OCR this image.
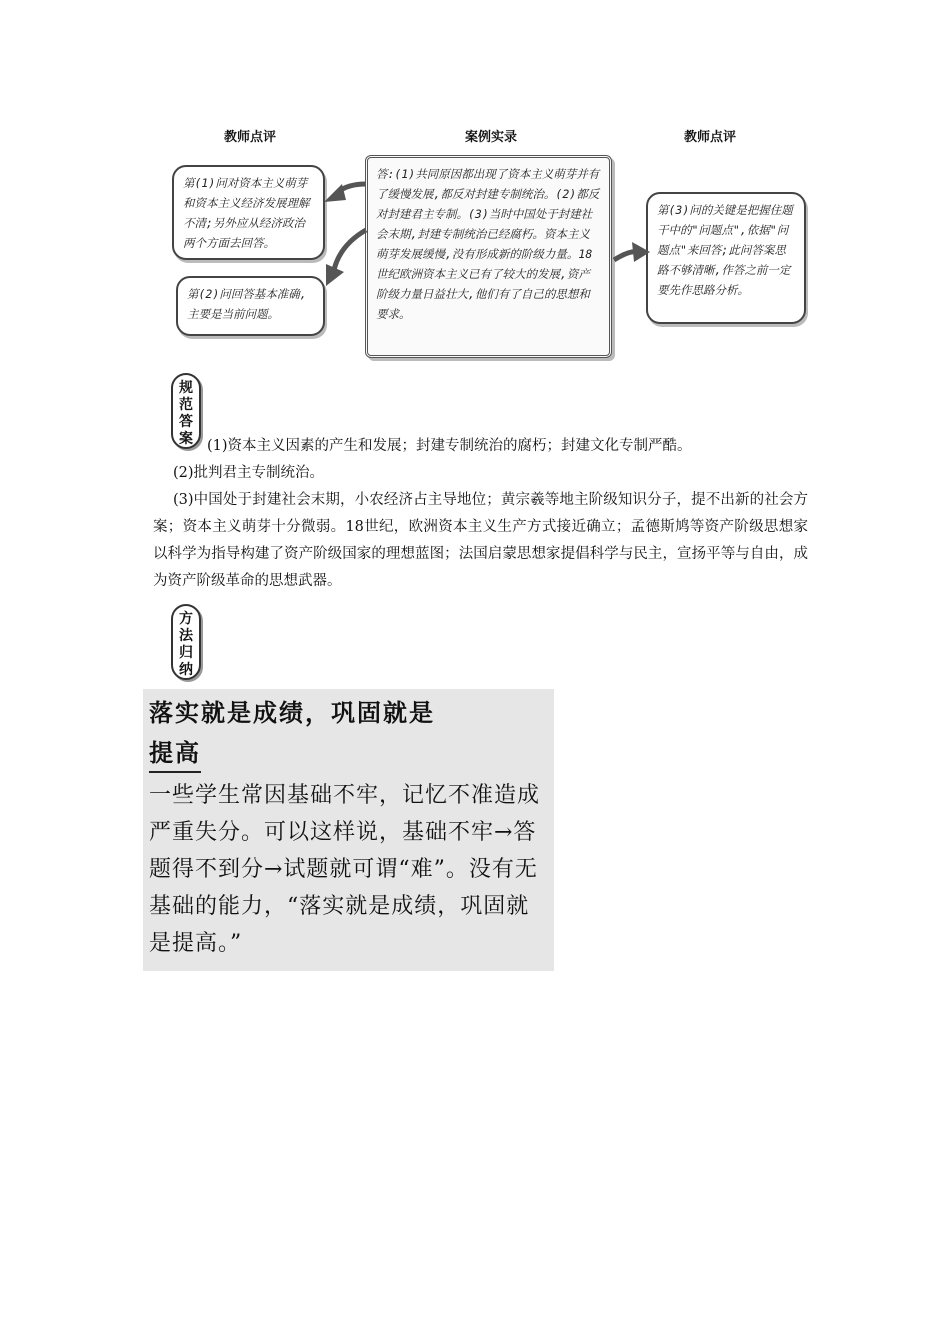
教师点评	案例实录	教师点评
第(1)问对资本主义萌芽和资本主义经济发展理解不清;另外应从经济政治两个方面去回答。
第(2)问回答基本准确,主要是当前问题。
答:(1)共同原因都出现了资本主义萌芽并有了缓慢发展,都反对封建专制统治。(2)都反对封建君主专制。(3)当时中国处于封建社会末期,封建专制统治已经腐朽。资本主义萌芽发展缓慢,没有形成新的阶级力量。18世纪欧洲资本主义已有了较大的发展,资产阶级力量日益壮大,他们有了自己的思想和要求。
第(3)问的关键是把握住题干中的"问题点",依据"问题点"来回答;此问答案思路不够清晰,作答之前一定要先作思路分析。
规范答案 (1)资本主义因素的产生和发展；封建专制统治的腐朽；封建文化专制严酷。
(2)批判君主专制统治。
(3)中国处于封建社会末期，小农经济占主导地位；黄宗羲等地主阶级知识分子，提不出新的社会方案；资本主义萌芽十分微弱。18世纪，欧洲资本主义生产方式接近确立；孟德斯鸠等资产阶级思想家以科学为指导构建了资产阶级国家的理想蓝图；法国启蒙思想家提倡科学与民主，宣扬平等与自由，成为资产阶级革命的思想武器。
方法归纳
落实就是成绩，巩固就是
提高
一些学生常因基础不牢，记忆不准造成严重失分。可以这样说，基础不牢→答题得不到分→试题就可谓“难”。没有无基础的能力，“落实就是成绩，巩固就是提高。”
